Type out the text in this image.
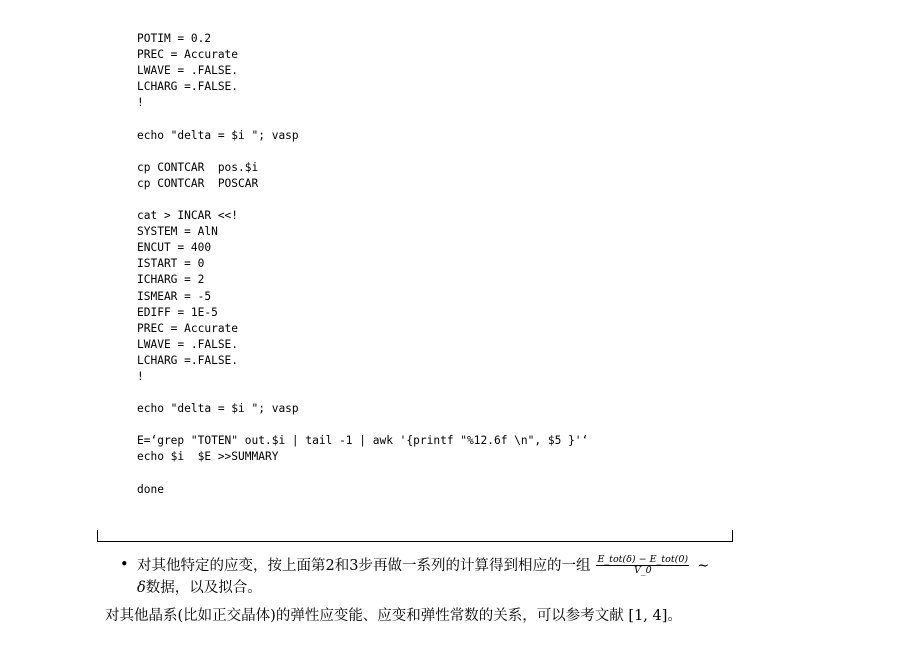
POTIM = 0.2
PREC = Accurate
LWAVE = .FALSE.
LCHARG =.FALSE.
!
echo "delta = $i "; vasp
cp CONTCAR  pos.$i
cp CONTCAR  POSCAR
cat > INCAR <<!
SYSTEM = AlN
ENCUT = 400
ISTART = 0
ICHARG = 2
ISMEAR = -5
EDIFF = 1E-5
PREC = Accurate
LWAVE = .FALSE.
LCHARG =.FALSE.
!
echo "delta = $i "; vasp
E=‘grep "TOTEN" out.$i | tail -1 | awk '{printf "%12.6f \n", $5 }'‘
echo $i  $E >>SUMMARY
done
• 对其他特定的应变，按上面第2和3步再做一系列的计算得到相应的一组 $\frac{\text{E\_tot(δ) − E\_tot(0)}}{V\_0}$ ∼
δ数据，以及拟合。
对其他晶系(比如正交晶体)的弹性应变能、应变和弹性常数的关系，可以参考文献 [1, 4]。
